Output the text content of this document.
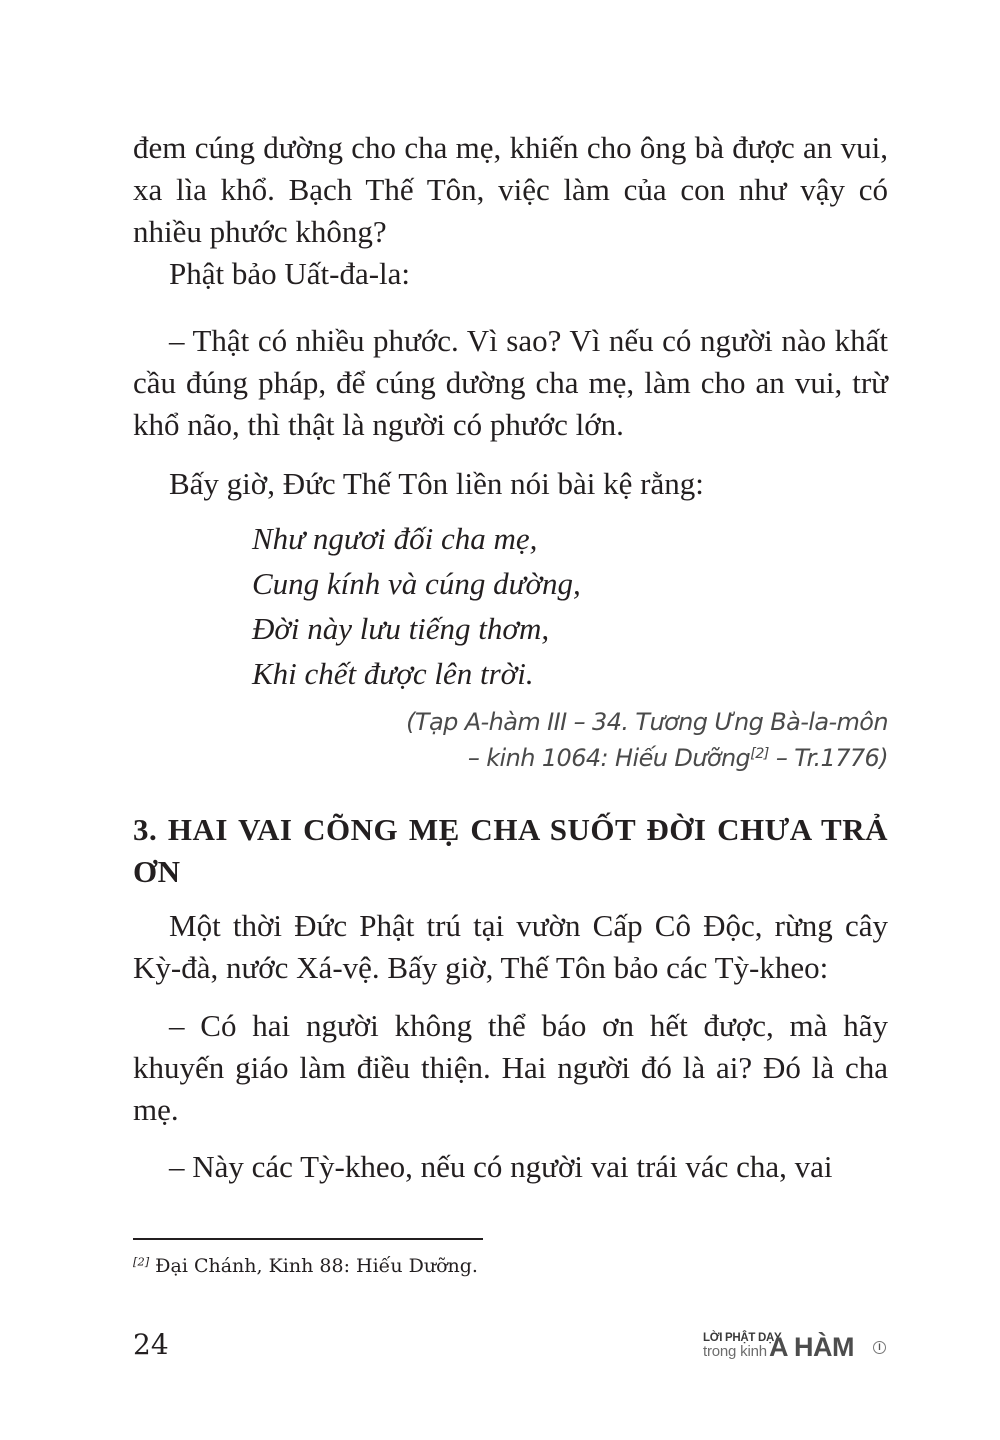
đem cúng dường cho cha mẹ, khiến cho ông bà được an vui, xa lìa khổ. Bạch Thế Tôn, việc làm của con như vậy có nhiều phước không?

Phật bảo Uất-đa-la:

– Thật có nhiều phước. Vì sao? Vì nếu có người nào khất cầu đúng pháp, để cúng dường cha mẹ, làm cho an vui, trừ khổ não, thì thật là người có phước lớn.

Bấy giờ, Đức Thế Tôn liền nói bài kệ rằng:

Như ngươi đối cha mẹ,
Cung kính và cúng dường,
Đời này lưu tiếng thơm,
Khi chết được lên trời.
(Tạp A-hàm III – 34. Tương Ưng Bà-la-môn
– kinh 1064: Hiếu Dưỡng[2] – Tr.1776)
3. HAI VAI CÕNG MẸ CHA SUỐT ĐỜI CHƯA TRẢ ƠN

Một thời Đức Phật trú tại vườn Cấp Cô Độc, rừng cây Kỳ-đà, nước Xá-vệ. Bấy giờ, Thế Tôn bảo các Tỳ-kheo:

– Có hai người không thể báo ơn hết được, mà hãy khuyến giáo làm điều thiện. Hai người đó là ai? Đó là cha mẹ.

– Này các Tỳ-kheo, nếu có người vai trái vác cha, vai

[2] Đại Chánh, Kinh 88: Hiếu Dưỡng.
24	LỜI PHẬT DẠY
trong kinh A HÀM	I
